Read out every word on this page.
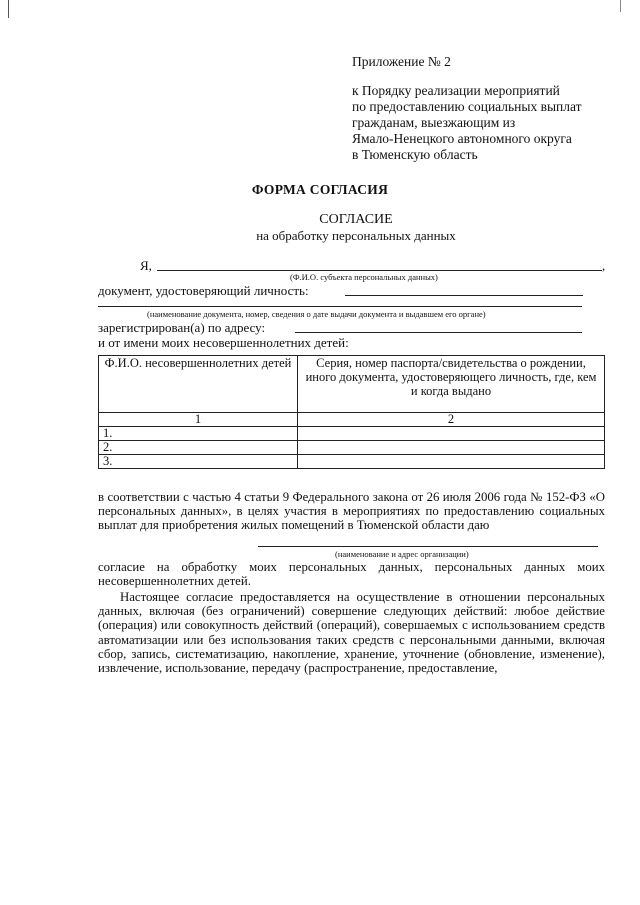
Приложение № 2
к Порядку реализации мероприятий
по предоставлению социальных выплат
гражданам, выезжающим из
Ямало-Ненецкого автономного округа
в Тюменскую область
ФОРМА СОГЛАСИЯ
СОГЛАСИЕ
на обработку персональных данных
Я,	,
(Ф.И.О. субъекта персональных данных)
документ, удостоверяющий личность:
(наименование документа, номер, сведения о дате выдачи документа и выдавшем его органе)
зарегистрирован(а) по адресу:
и от имени моих несовершеннолетних детей:
Ф.И.О. несовершеннолетних детей	Серия, номер паспорта/свидетельства о рождении, иного документа, удостоверяющего личность, где, кем и когда выдано
1	2
1.	
2.	
3.	

в соответствии с частью 4 статьи 9 Федерального закона от 26 июля 2006 года № 152-ФЗ «О персональных данных», в целях участия в мероприятиях по предоставлению социальных выплат для приобретения жилых помещений в Тюменской области даю

(наименование и адрес организации)

согласие на обработку моих персональных данных, персональных данных моих несовершеннолетних детей.

Настоящее согласие предоставляется на осуществление в отношении персональных данных, включая (без ограничений) совершение следующих действий: любое действие (операция) или совокупность действий (операций), совершаемых с использованием средств автоматизации или без использования таких средств с персональными данными, включая сбор, запись, систематизацию, накопление, хранение, уточнение (обновление, изменение), извлечение, использование, передачу (распространение, предоставление,
